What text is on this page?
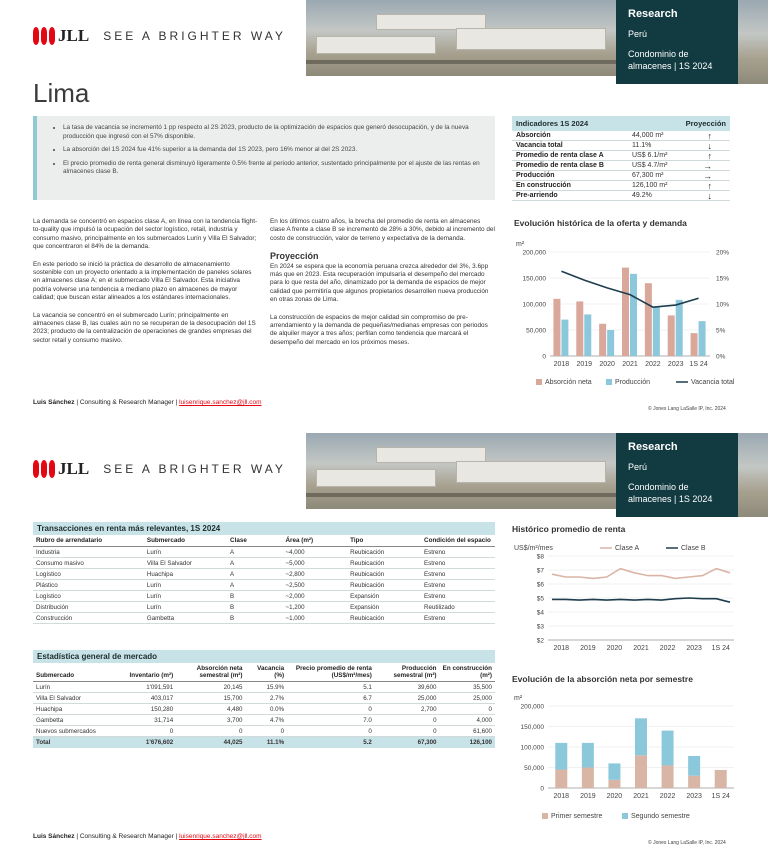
Research
Perú
Condominio de almacenes | 1S 2024
JLL SEE A BRIGHTER WAY
Lima
• La tasa de vacancia se incrementó 1 pp respecto al 2S 2023, producto de la optimización de espacios que generó desocupación, y de la nueva producción que ingresó con el 57% disponible.
• La absorción del 1S 2024 fue 41% superior a la demanda del 1S 2023, pero 16% menor al del 2S 2023.
• El precio promedio de renta general disminuyó ligeramente 0.5% frente al periodo anterior, sustentado principalmente por el ajuste de las rentas en almacenes clase B.
Indicadores 1S 2024	Proyección
Absorción	44,000 m²	↑
Vacancia total	11.1%	↓
Promedio de renta clase A	US$ 6.1/m²	↑
Promedio de renta clase B	US$ 4.7/m²	→
Producción	67,300 m²	→
En construcción	126,100 m²	↑
Pre-arriendo	49.2%	↓

La demanda se concentró en espacios clase A, en línea con la tendencia flight-to-quality que impulsó la ocupación del sector logístico, retail, industria y consumo masivo, principalmente en los submercados Lurín y Villa El Salvador; que concentraron el 84% de la demanda.

En este periodo se inició la práctica de desarrollo de almacenamiento sostenible con un proyecto orientado a la implementación de paneles solares en almacenes clase A; en el submercado Villa El Salvador. Esta iniciativa podría volverse una tendencia a mediano plazo en almacenes de mayor calidad; que buscan estar alineados a los estándares internacionales.

La vacancia se concentró en el submercado Lurín; principalmente en almacenes clase B, las cuales aún no se recuperan de la desocupación del 1S 2023; producto de la centralización de operaciones de grandes empresas del sector retail y consumo masivo.

En los últimos cuatro años, la brecha del promedio de renta en almacenes clase A frente a clase B se incrementó de 28% a 30%, debido al incremento del costo de construcción, valor de terreno y expectativa de la demanda.

Proyección

En 2024 se espera que la economía peruana crezca alrededor del 3%, 3.6pp más que en 2023. Esta recuperación impulsaría el desempeño del mercado para lo que resta del año, dinamizado por la demanda de espacios de mejor calidad que permitiría que algunos propietarios desarrollen nueva producción en otras zonas de Lima.

La construcción de espacios de mejor calidad sin compromiso de pre-arrendamiento y la demanda de pequeñas/medianas empresas con periodos de alquiler mayor a tres años; perfilan como tendencia que marcará el desempeño del mercado en los próximos meses.

Evolución histórica de la oferta y demanda
m²
0
50,000
100,000
150,000
200,000
2018 2019 2020 2021 2022 2023 1S 24
0%
5%
10%
15%
20%
Absorción neta	Producción	Vacancia total
Luis Sánchez | Consulting & Research Manager | luisenrique.sanchez@jll.com
© Jones Lang LaSalle IP, Inc. 2024
Research
Perú
Condominio de almacenes | 1S 2024
JLL SEE A BRIGHTER WAY
Transacciones en renta más relevantes, 1S 2024
Rubro de arrendatario	Submercado	Clase	Área (m²)	Tipo	Condición del espacio
Industria	Lurín	A	~4,000	Reubicación	Estreno
Consumo masivo	Villa El Salvador	A	~5,000	Reubicación	Estreno
Logístico	Huachipa	A	~2,800	Reubicación	Estreno
Plástico	Lurín	A	~2,500	Reubicación	Estreno
Logístico	Lurín	B	~2,000	Expansión	Estreno
Distribución	Lurín	B	~1,200	Expansión	Reutilizado
Construcción	Gambetta	B	~1,000	Reubicación	Estreno
Estadística general de mercado
Submercado	Inventario (m²)	Absorción neta semestral (m²)	Vacancia (%)	Precio promedio de renta (US$/m²/mes)	Producción semestral (m²)	En construcción (m²)
Lurín	1'091,591	20,145	15.9%	5.1	39,600	35,500
Villa El Salvador	403,017	15,700	2.7%	6.7	25,000	25,000
Huachipa	150,280	4,480	0.0%	0	2,700	0
Gambetta	31,714	3,700	4.7%	7.0	0	4,000
Nuevos submercados	0	0	0	0	0	61,600
Total	1'676,602	44,025	11.1%	5.2	67,300	126,100
Histórico promedio de renta
US$/m²/mes
$2
$3
$4
$5
$6
$7
$8
2018 2019 2020 2021 2022 2023 1S 24
Clase A	Clase B
Evolución de la absorción neta por semestre
m²
0
50,000
100,000
150,000
200,000
2018 2019 2020 2021 2022 2023 1S 24
Primer semestre	Segundo semestre
Luis Sánchez | Consulting & Research Manager | luisenrique.sanchez@jll.com
© Jones Lang LaSalle IP, Inc. 2024
